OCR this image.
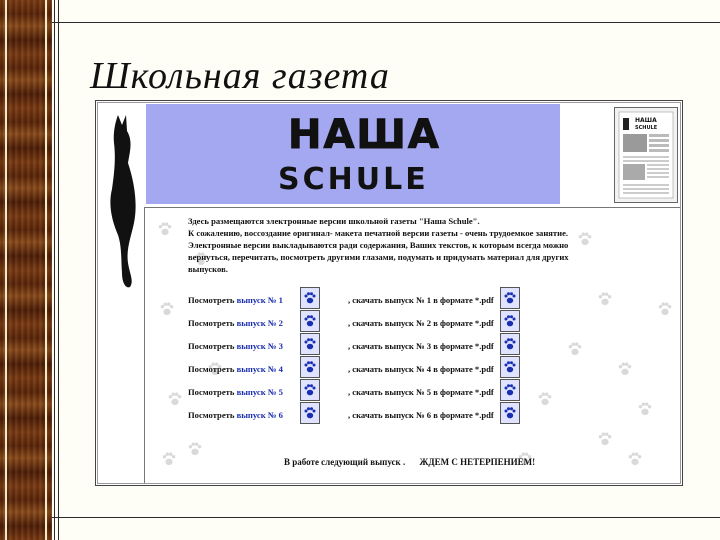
Школьная газета
НАША
SCHULE
НАША
SCHULE

Здесь размещаются электронные версии школьной газеты "Наша Schule".

К сожалению, воссоздание оригинал- макета печатной версии газеты - очень трудоемкое занятие.

Электронные версии выкладываются ради содержания, Ваших текстов, к которым всегда можно

вернуться, перечитать, посмотреть другими глазами, подумать и придумать материал для других

выпусков.

Посмотреть выпуск № 1	, скачать выпуск № 1 в формате *.pdf
Посмотреть выпуск № 2	, скачать выпуск № 2 в формате *.pdf
Посмотреть выпуск № 3	, скачать выпуск № 3 в формате *.pdf
Посмотреть выпуск № 4	, скачать выпуск № 4 в формате *.pdf
Посмотреть выпуск № 5	, скачать выпуск № 5 в формате *.pdf
Посмотреть выпуск № 6	, скачать выпуск № 6 в формате *.pdf
В работе следующий выпуск . ЖДЕМ С НЕТЕРПЕНИЕМ!
